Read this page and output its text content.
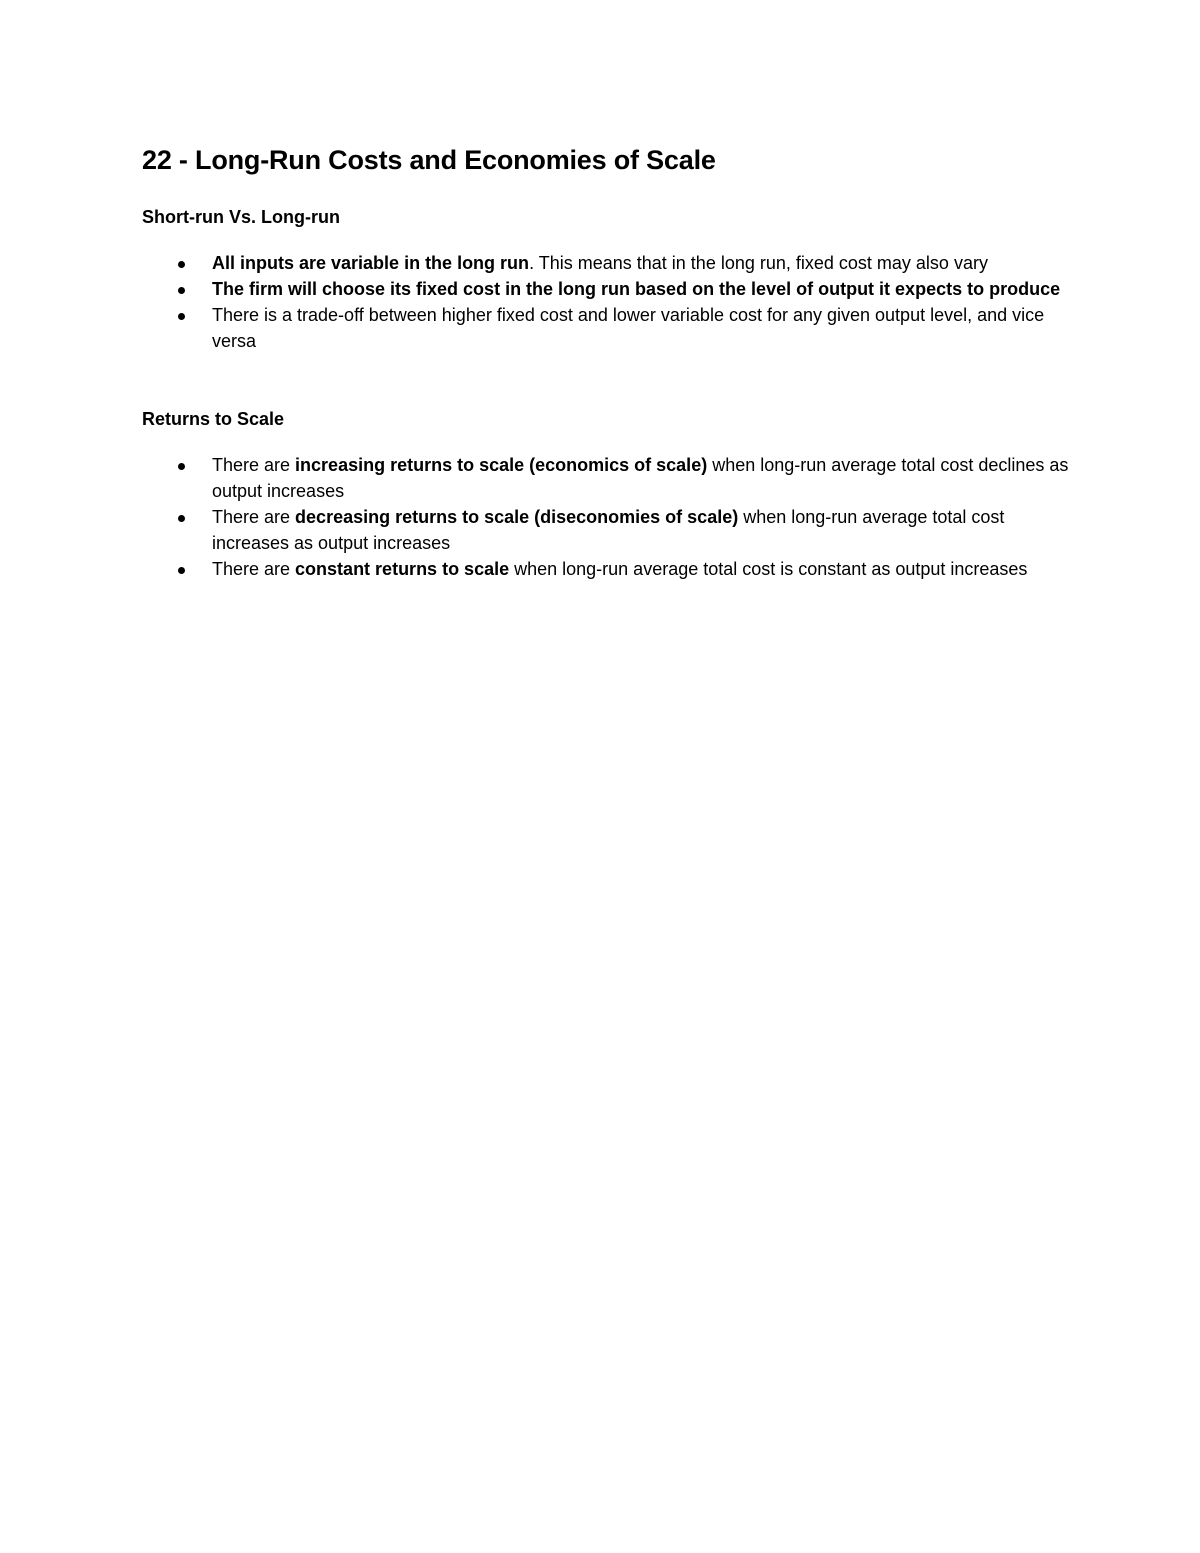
22 - Long-Run Costs and Economies of Scale
Short-run Vs. Long-run
All inputs are variable in the long run. This means that in the long run, fixed cost may also vary
The firm will choose its fixed cost in the long run based on the level of output it expects to produce
There is a trade-off between higher fixed cost and lower variable cost for any given output level, and vice versa
Returns to Scale
There are increasing returns to scale (economics of scale) when long-run average total cost declines as output increases
There are decreasing returns to scale (diseconomies of scale) when long-run average total cost increases as output increases
There are constant returns to scale when long-run average total cost is constant as output increases
